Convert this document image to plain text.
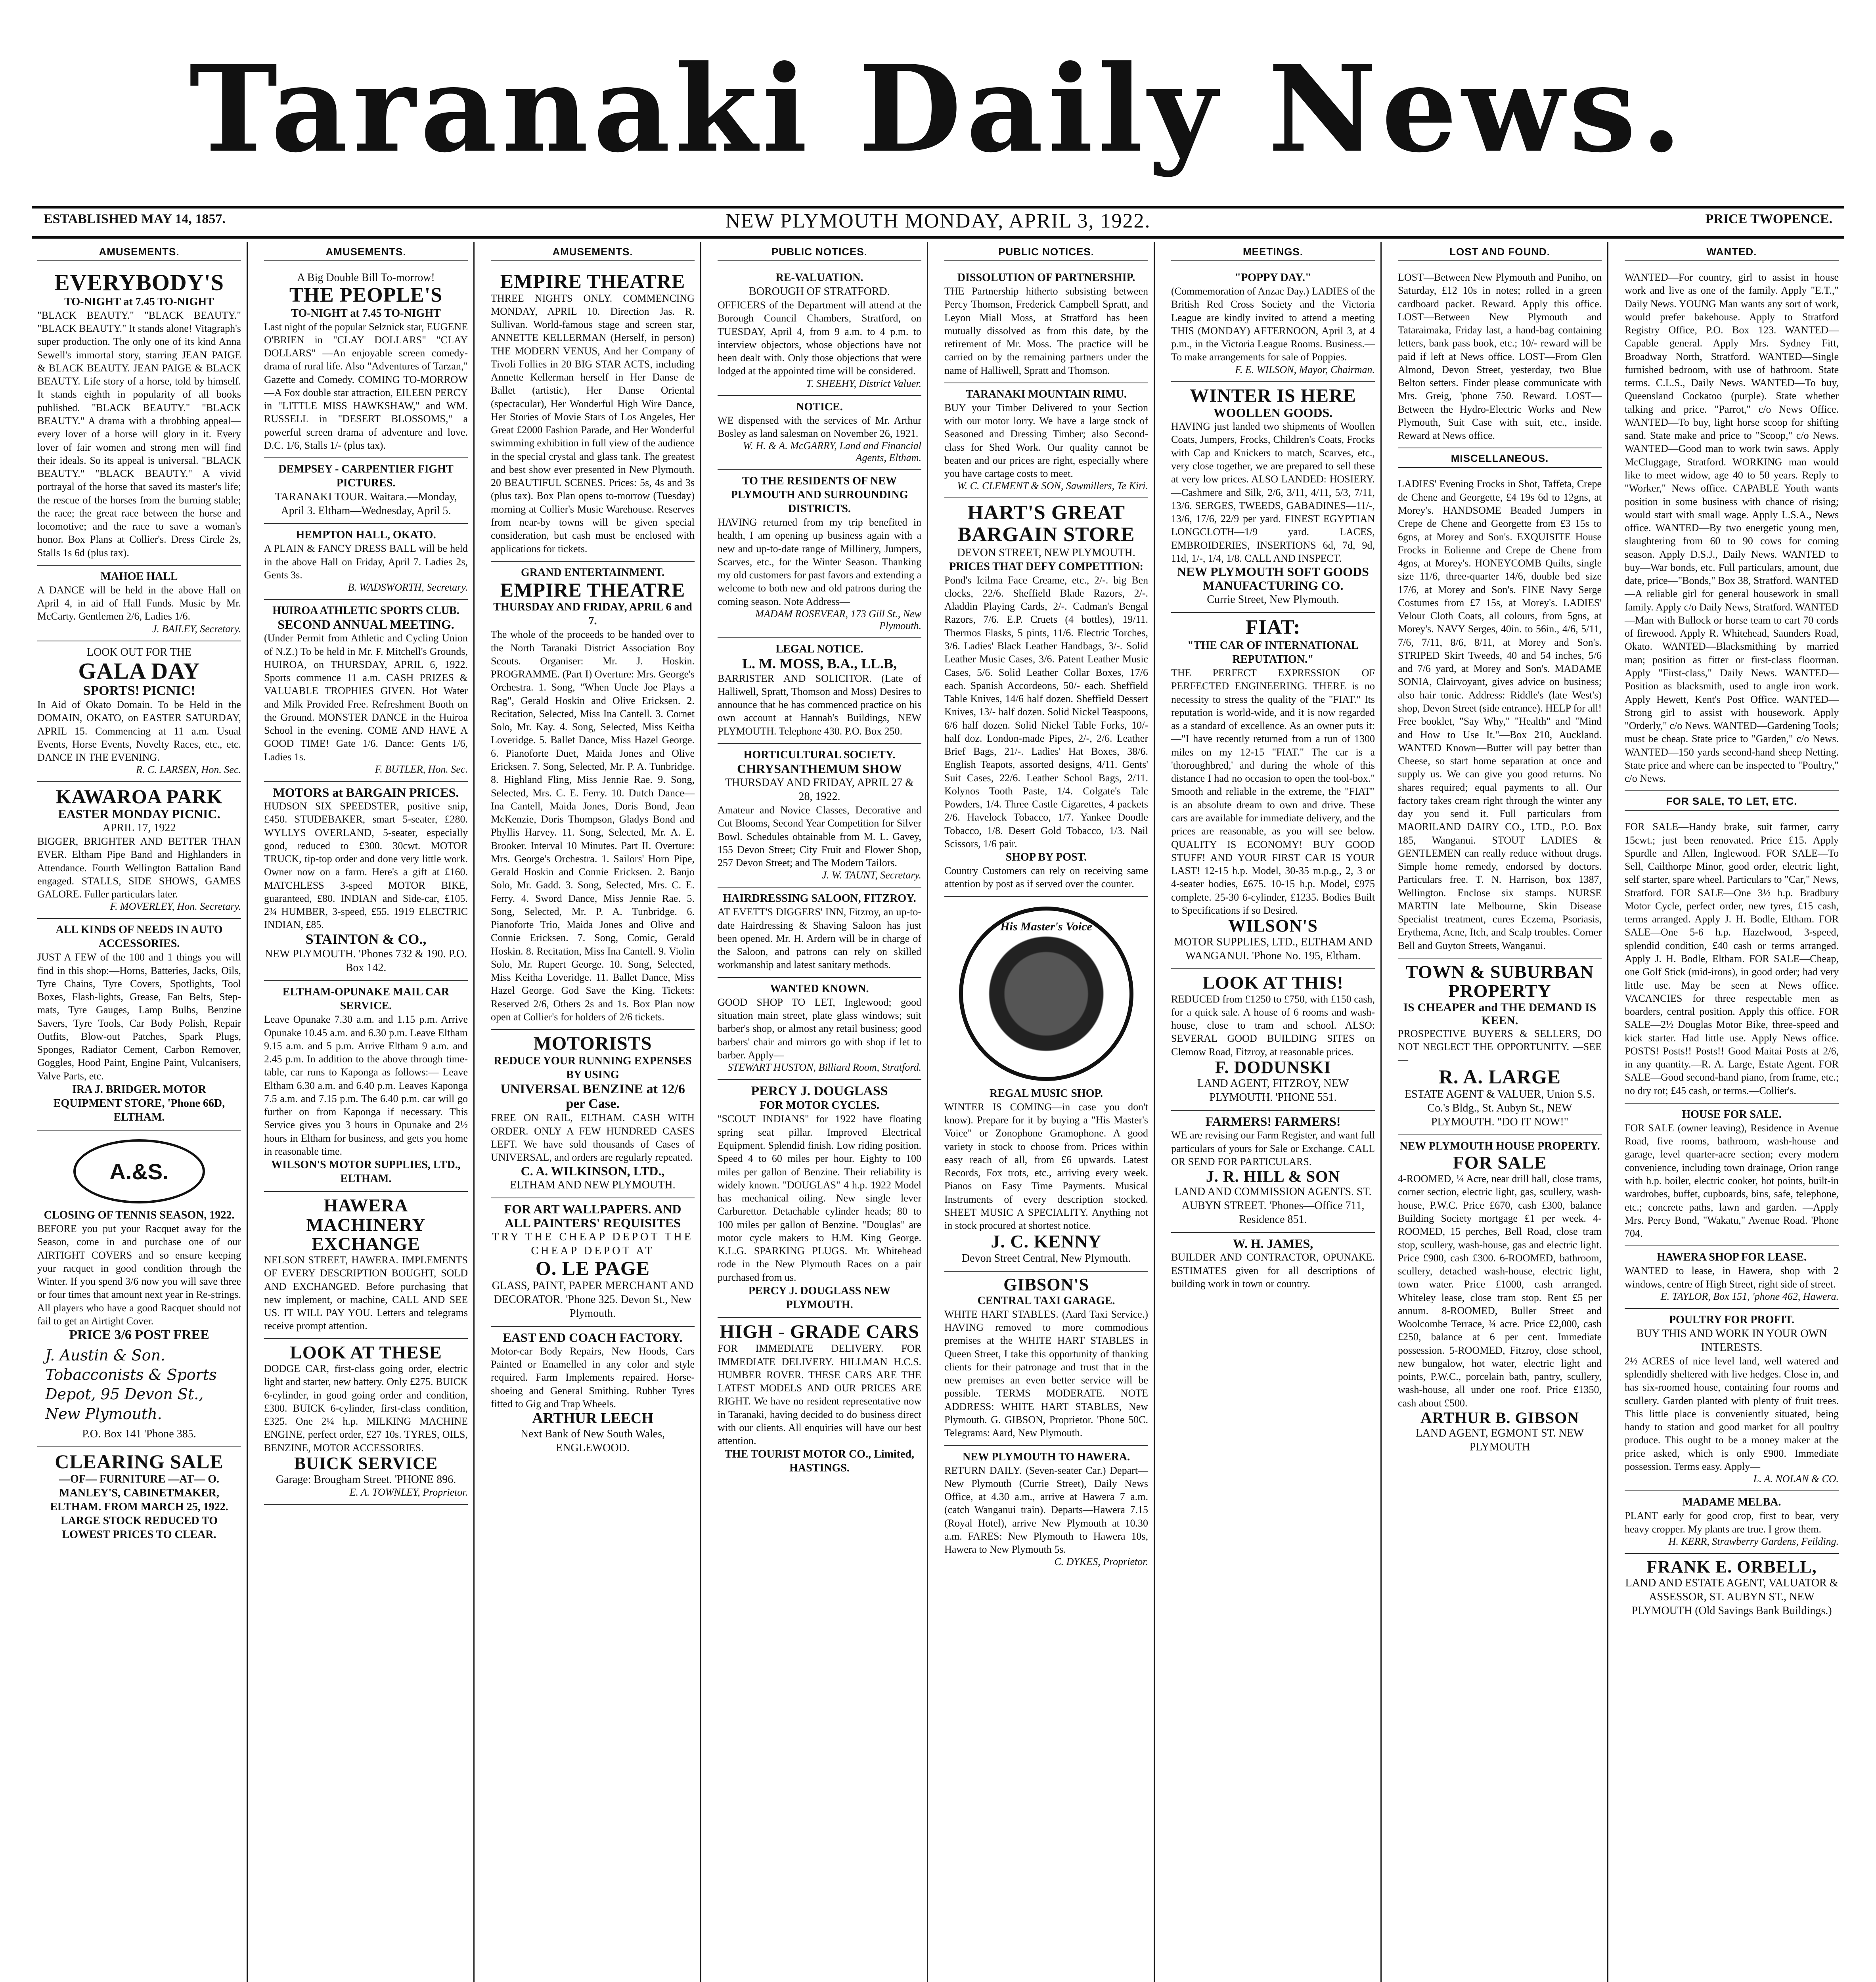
Taranaki Daily News.
ESTABLISHED MAY 14, 1857.	NEW PLYMOUTH MONDAY, APRIL 3, 1922.	PRICE TWOPENCE.
AMUSEMENTS.
EVERYBODY'S
TO-NIGHT at 7.45 TO-NIGHT
"BLACK BEAUTY." "BLACK BEAUTY." "BLACK BEAUTY." It stands alone! Vitagraph's super production. The only one of its kind Anna Sewell's immortal story, starring JEAN PAIGE & BLACK BEAUTY. JEAN PAIGE & BLACK BEAUTY. Life story of a horse, told by himself. It stands eighth in popularity of all books published. "BLACK BEAUTY." "BLACK BEAUTY." A drama with a throbbing appeal—every lover of a horse will glory in it. Every lover of fair women and strong men will find their ideals. So its appeal is universal. "BLACK BEAUTY." "BLACK BEAUTY." A vivid portrayal of the horse that saved its master's life; the rescue of the horses from the burning stable; the race; the great race between the horse and locomotive; and the race to save a woman's honor. Box Plans at Collier's. Dress Circle 2s, Stalls 1s 6d (plus tax).
MAHOE HALL
A DANCE will be held in the above Hall on April 4, in aid of Hall Funds. Music by Mr. McCarty. Gentlemen 2/6, Ladies 1/6.
J. BAILEY, Secretary.
LOOK OUT FOR THE
GALA DAY
SPORTS! PICNIC!
In Aid of Okato Domain. To be Held in the DOMAIN, OKATO, on EASTER SATURDAY, APRIL 15. Commencing at 11 a.m. Usual Events, Horse Events, Novelty Races, etc., etc. DANCE IN THE EVENING.
R. C. LARSEN, Hon. Sec.
KAWAROA PARK
EASTER MONDAY PICNIC.
APRIL 17, 1922
BIGGER, BRIGHTER AND BETTER THAN EVER. Eltham Pipe Band and Highlanders in Attendance. Fourth Wellington Battalion Band engaged. STALLS, SIDE SHOWS, GAMES GALORE. Fuller particulars later.
F. MOVERLEY, Hon. Secretary.
ALL KINDS OF NEEDS IN AUTO ACCESSORIES.
JUST A FEW of the 100 and 1 things you will find in this shop:—Horns, Batteries, Jacks, Oils, Tyre Chains, Tyre Covers, Spotlights, Tool Boxes, Flash-lights, Grease, Fan Belts, Step-mats, Tyre Gauges, Lamp Bulbs, Benzine Savers, Tyre Tools, Car Body Polish, Repair Outfits, Blow-out Patches, Spark Plugs, Sponges, Radiator Cement, Carbon Remover, Goggles, Hood Paint, Engine Paint, Vulcanisers, Valve Parts, etc.
IRA J. BRIDGER. MOTOR EQUIPMENT STORE, 'Phone 66D, ELTHAM.
A.&S.
CLOSING OF TENNIS SEASON, 1922.
BEFORE you put your Racquet away for the Season, come in and purchase one of our AIRTIGHT COVERS and so ensure keeping your racquet in good condition through the Winter. If you spend 3/6 now you will save three or four times that amount next year in Re-strings. All players who have a good Racquet should not fail to get an Airtight Cover.
PRICE 3/6 POST FREE
J. Austin & Son. Tobacconists & Sports Depot, 95 Devon St., New Plymouth.
P.O. Box 141 'Phone 385.
CLEARING SALE
—OF— FURNITURE —AT— O. MANLEY'S, CABINETMAKER, ELTHAM. FROM MARCH 25, 1922. LARGE STOCK REDUCED TO LOWEST PRICES TO CLEAR.
AMUSEMENTS.
A Big Double Bill To-morrow!
THE PEOPLE'S
TO-NIGHT at 7.45 TO-NIGHT
Last night of the popular Selznick star, EUGENE O'BRIEN in "CLAY DOLLARS" "CLAY DOLLARS" —An enjoyable screen comedy-drama of rural life. Also "Adventures of Tarzan," Gazette and Comedy. COMING TO-MORROW—A Fox double star attraction, EILEEN PERCY in "LITTLE MISS HAWKSHAW," and WM. RUSSELL in "DESERT BLOSSOMS," a powerful screen drama of adventure and love. D.C. 1/6, Stalls 1/- (plus tax).
DEMPSEY - CARPENTIER FIGHT PICTURES.
TARANAKI TOUR. Waitara.—Monday, April 3. Eltham—Wednesday, April 5.
HEMPTON HALL, OKATO.
A PLAIN & FANCY DRESS BALL will be held in the above Hall on Friday, April 7. Ladies 2s, Gents 3s.
B. WADSWORTH, Secretary.
HUIROA ATHLETIC SPORTS CLUB.
SECOND ANNUAL MEETING.
(Under Permit from Athletic and Cycling Union of N.Z.) To be held in Mr. F. Mitchell's Grounds, HUIROA, on THURSDAY, APRIL 6, 1922. Sports commence 11 a.m. CASH PRIZES & VALUABLE TROPHIES GIVEN. Hot Water and Milk Provided Free. Refreshment Booth on the Ground. MONSTER DANCE in the Huiroa School in the evening. COME AND HAVE A GOOD TIME! Gate 1/6. Dance: Gents 1/6, Ladies 1s.
F. BUTLER, Hon. Sec.
MOTORS at BARGAIN PRICES.
HUDSON SIX SPEEDSTER, positive snip, £450. STUDEBAKER, smart 5-seater, £280. WYLLYS OVERLAND, 5-seater, especially good, reduced to £300. 30cwt. MOTOR TRUCK, tip-top order and done very little work. Owner now on a farm. Here's a gift at £160. MATCHLESS 3-speed MOTOR BIKE, guaranteed, £80. INDIAN and Side-car, £105. 2¾ HUMBER, 3-speed, £55. 1919 ELECTRIC INDIAN, £85.
STAINTON & CO.,
NEW PLYMOUTH. 'Phones 732 & 190. P.O. Box 142.
ELTHAM-OPUNAKE MAIL CAR SERVICE.
Leave Opunake 7.30 a.m. and 1.15 p.m. Arrive Opunake 10.45 a.m. and 6.30 p.m. Leave Eltham 9.15 a.m. and 5 p.m. Arrive Eltham 9 a.m. and 2.45 p.m. In addition to the above through time-table, car runs to Kaponga as follows:— Leave Eltham 6.30 a.m. and 6.40 p.m. Leaves Kaponga 7.5 a.m. and 7.15 p.m. The 6.40 p.m. car will go further on from Kaponga if necessary. This Service gives you 3 hours in Opunake and 2½ hours in Eltham for business, and gets you home in reasonable time.
WILSON'S MOTOR SUPPLIES, LTD., ELTHAM.
HAWERA MACHINERY EXCHANGE
NELSON STREET, HAWERA. IMPLEMENTS OF EVERY DESCRIPTION BOUGHT, SOLD AND EXCHANGED. Before purchasing that new implement, or machine, CALL AND SEE US. IT WILL PAY YOU. Letters and telegrams receive prompt attention.
LOOK AT THESE
DODGE CAR, first-class going order, electric light and starter, new battery. Only £275. BUICK 6-cylinder, in good going order and condition, £300. BUICK 6-cylinder, first-class condition, £325. One 2¼ h.p. MILKING MACHINE ENGINE, perfect order, £27 10s. TYRES, OILS, BENZINE, MOTOR ACCESSORIES.
BUICK SERVICE
Garage: Brougham Street. 'PHONE 896.
E. A. TOWNLEY, Proprietor.
AMUSEMENTS.
EMPIRE THEATRE
THREE NIGHTS ONLY. COMMENCING MONDAY, APRIL 10. Direction Jas. R. Sullivan. World-famous stage and screen star, ANNETTE KELLERMAN (Herself, in person) THE MODERN VENUS, And her Company of Tivoli Follies in 20 BIG STAR ACTS, including Annette Kellerman herself in Her Danse de Ballet (artistic), Her Danse Oriental (spectacular), Her Wonderful High Wire Dance, Her Stories of Movie Stars of Los Angeles, Her Great £2000 Fashion Parade, and Her Wonderful swimming exhibition in full view of the audience in the special crystal and glass tank. The greatest and best show ever presented in New Plymouth. 20 BEAUTIFUL SCENES. Prices: 5s, 4s and 3s (plus tax). Box Plan opens to-morrow (Tuesday) morning at Collier's Music Warehouse. Reserves from near-by towns will be given special consideration, but cash must be enclosed with applications for tickets.
GRAND ENTERTAINMENT.
EMPIRE THEATRE
THURSDAY AND FRIDAY, APRIL 6 and 7.
The whole of the proceeds to be handed over to the North Taranaki District Association Boy Scouts. Organiser: Mr. J. Hoskin. PROGRAMME. (Part I) Overture: Mrs. George's Orchestra. 1. Song, "When Uncle Joe Plays a Rag", Gerald Hoskin and Olive Ericksen. 2. Recitation, Selected, Miss Ina Cantell. 3. Cornet Solo, Mr. Kay. 4. Song, Selected, Miss Keitha Loveridge. 5. Ballet Dance, Miss Hazel George. 6. Pianoforte Duet, Maida Jones and Olive Ericksen. 7. Song, Selected, Mr. P. A. Tunbridge. 8. Highland Fling, Miss Jennie Rae. 9. Song, Selected, Mrs. C. E. Ferry. 10. Dutch Dance—Ina Cantell, Maida Jones, Doris Bond, Jean McKenzie, Doris Thompson, Gladys Bond and Phyllis Harvey. 11. Song, Selected, Mr. A. E. Brooker. Interval 10 Minutes. Part II. Overture: Mrs. George's Orchestra. 1. Sailors' Horn Pipe, Gerald Hoskin and Connie Ericksen. 2. Banjo Solo, Mr. Gadd. 3. Song, Selected, Mrs. C. E. Ferry. 4. Sword Dance, Miss Jennie Rae. 5. Song, Selected, Mr. P. A. Tunbridge. 6. Pianoforte Trio, Maida Jones and Olive and Connie Ericksen. 7. Song, Comic, Gerald Hoskin. 8. Recitation, Miss Ina Cantell. 9. Violin Solo, Mr. Rupert George. 10. Song, Selected, Miss Keitha Loveridge. 11. Ballet Dance, Miss Hazel George. God Save the King. Tickets: Reserved 2/6, Others 2s and 1s. Box Plan now open at Collier's for holders of 2/6 tickets.
MOTORISTS
REDUCE YOUR RUNNING EXPENSES BY USING
UNIVERSAL BENZINE at 12/6 per Case.
FREE ON RAIL, ELTHAM. CASH WITH ORDER. ONLY A FEW HUNDRED CASES LEFT. We have sold thousands of Cases of UNIVERSAL, and orders are regularly repeated.
C. A. WILKINSON, LTD.,
ELTHAM AND NEW PLYMOUTH.
FOR ART WALLPAPERS. AND ALL PAINTERS' REQUISITES
TRY THE CHEAP DEPOT THE CHEAP DEPOT AT
O. LE PAGE
GLASS, PAINT, PAPER MERCHANT AND DECORATOR. 'Phone 325. Devon St., New Plymouth.
EAST END COACH FACTORY.
Motor-car Body Repairs, New Hoods, Cars Painted or Enamelled in any color and style required. Farm Implements repaired. Horse-shoeing and General Smithing. Rubber Tyres fitted to Gig and Trap Wheels.
ARTHUR LEECH
Next Bank of New South Wales, ENGLEWOOD.
PUBLIC NOTICES.
RE-VALUATION.
BOROUGH OF STRATFORD.
OFFICERS of the Department will attend at the Borough Council Chambers, Stratford, on TUESDAY, April 4, from 9 a.m. to 4 p.m. to interview objectors, whose objections have not been dealt with. Only those objections that were lodged at the appointed time will be considered.
T. SHEEHY, District Valuer.
NOTICE.
WE dispensed with the services of Mr. Arthur Bosley as land salesman on November 26, 1921.
W. H. & A. McGARRY, Land and Financial Agents, Eltham.
TO THE RESIDENTS OF NEW PLYMOUTH AND SURROUNDING DISTRICTS.
HAVING returned from my trip benefited in health, I am opening up business again with a new and up-to-date range of Millinery, Jumpers, Scarves, etc., for the Winter Season. Thanking my old customers for past favors and extending a welcome to both new and old patrons during the coming season. Note Address—
MADAM ROSEVEAR, 173 Gill St., New Plymouth.
LEGAL NOTICE.
L. M. MOSS, B.A., LL.B,
BARRISTER AND SOLICITOR. (Late of Halliwell, Spratt, Thomson and Moss) Desires to announce that he has commenced practice on his own account at Hannah's Buildings, NEW PLYMOUTH. Telephone 430. P.O. Box 250.
HORTICULTURAL SOCIETY.
CHRYSANTHEMUM SHOW
THURSDAY AND FRIDAY, APRIL 27 & 28, 1922.
Amateur and Novice Classes, Decorative and Cut Blooms, Second Year Competition for Silver Bowl. Schedules obtainable from M. L. Gavey, 155 Devon Street; City Fruit and Flower Shop, 257 Devon Street; and The Modern Tailors.
J. W. TAUNT, Secretary.
HAIRDRESSING SALOON, FITZROY.
AT EVETT'S DIGGERS' INN, Fitzroy, an up-to-date Hairdressing & Shaving Saloon has just been opened. Mr. H. Ardern will be in charge of the Saloon, and patrons can rely on skilled workmanship and latest sanitary methods.
WANTED KNOWN.
GOOD SHOP TO LET, Inglewood; good situation main street, plate glass windows; suit barber's shop, or almost any retail business; good barbers' chair and mirrors go with shop if let to barber. Apply—
STEWART HUSTON, Billiard Room, Stratford.
PERCY J. DOUGLASS
FOR MOTOR CYCLES.
"SCOUT INDIANS" for 1922 have floating spring seat pillar. Improved Electrical Equipment. Splendid finish. Low riding position. Speed 4 to 60 miles per hour. Eighty to 100 miles per gallon of Benzine. Their reliability is widely known. "DOUGLAS" 4 h.p. 1922 Model has mechanical oiling. New single lever Carburettor. Detachable cylinder heads; 80 to 100 miles per gallon of Benzine. "Douglas" are motor cycle makers to H.M. King George. K.L.G. SPARKING PLUGS. Mr. Whitehead rode in the New Plymouth Races on a pair purchased from us.
PERCY J. DOUGLASS NEW PLYMOUTH.
HIGH - GRADE CARS
FOR IMMEDIATE DELIVERY. FOR IMMEDIATE DELIVERY. HILLMAN H.C.S. HUMBER ROVER. THESE CARS ARE THE LATEST MODELS AND OUR PRICES ARE RIGHT. We have no resident representative now in Taranaki, having decided to do business direct with our clients. All enquiries will have our best attention.
THE TOURIST MOTOR CO., Limited, HASTINGS.
PUBLIC NOTICES.
DISSOLUTION OF PARTNERSHIP.
THE Partnership hitherto subsisting between Percy Thomson, Frederick Campbell Spratt, and Leyon Miall Moss, at Stratford has been mutually dissolved as from this date, by the retirement of Mr. Moss. The practice will be carried on by the remaining partners under the name of Halliwell, Spratt and Thomson.
TARANAKI MOUNTAIN RIMU.
BUY your Timber Delivered to your Section with our motor lorry. We have a large stock of Seasoned and Dressing Timber; also Second-class for Shed Work. Our quality cannot be beaten and our prices are right, especially where you have cartage costs to meet.
W. C. CLEMENT & SON, Sawmillers, Te Kiri.
HART'S GREAT BARGAIN STORE
DEVON STREET, NEW PLYMOUTH.
PRICES THAT DEFY COMPETITION:
Pond's Icilma Face Creame, etc., 2/-. big Ben clocks, 22/6. Sheffield Blade Razors, 2/-. Aladdin Playing Cards, 2/-. Cadman's Bengal Razors, 7/6. E.P. Cruets (4 bottles), 19/11. Thermos Flasks, 5 pints, 11/6. Electric Torches, 3/6. Ladies' Black Leather Handbags, 3/-. Solid Leather Music Cases, 3/6. Patent Leather Music Cases, 5/6. Solid Leather Collar Boxes, 17/6 each. Spanish Accordeons, 50/- each. Sheffield Table Knives, 14/6 half dozen. Sheffield Dessert Knives, 13/- half dozen. Solid Nickel Teaspoons, 6/6 half dozen. Solid Nickel Table Forks, 10/- half doz. London-made Pipes, 2/-, 2/6. Leather Brief Bags, 21/-. Ladies' Hat Boxes, 38/6. English Teapots, assorted designs, 4/11. Gents' Suit Cases, 22/6. Leather School Bags, 2/11. Kolynos Tooth Paste, 1/4. Colgate's Talc Powders, 1/4. Three Castle Cigarettes, 4 packets 2/6. Havelock Tobacco, 1/7. Yankee Doodle Tobacco, 1/8. Desert Gold Tobacco, 1/3. Nail Scissors, 1/6 pair.
SHOP BY POST.
Country Customers can rely on receiving same attention by post as if served over the counter.
His Master's Voice
REGAL MUSIC SHOP.
WINTER IS COMING—in case you don't know). Prepare for it by buying a "His Master's Voice" or Zonophone Gramophone. A good variety in stock to choose from. Prices within easy reach of all, from £6 upwards. Latest Records, Fox trots, etc., arriving every week. Pianos on Easy Time Payments. Musical Instruments of every description stocked. SHEET MUSIC A SPECIALITY. Anything not in stock procured at shortest notice.
J. C. KENNY
Devon Street Central, New Plymouth.
GIBSON'S
CENTRAL TAXI GARAGE.
WHITE HART STABLES. (Aard Taxi Service.) HAVING removed to more commodious premises at the WHITE HART STABLES in Queen Street, I take this opportunity of thanking clients for their patronage and trust that in the new premises an even better service will be possible. TERMS MODERATE. NOTE ADDRESS: WHITE HART STABLES, New Plymouth. G. GIBSON, Proprietor. 'Phone 50C. Telegrams: Aard, New Plymouth.
NEW PLYMOUTH TO HAWERA.
RETURN DAILY. (Seven-seater Car.) Depart—New Plymouth (Currie Street), Daily News Office, at 4.30 a.m., arrive at Hawera 7 a.m. (catch Wanganui train). Departs—Hawera 7.15 (Royal Hotel), arrive New Plymouth at 10.30 a.m. FARES: New Plymouth to Hawera 10s, Hawera to New Plymouth 5s.
C. DYKES, Proprietor.
MEETINGS.
"POPPY DAY."
(Commemoration of Anzac Day.) LADIES of the British Red Cross Society and the Victoria League are kindly invited to attend a meeting THIS (MONDAY) AFTERNOON, April 3, at 4 p.m., in the Victoria League Rooms. Business.—To make arrangements for sale of Poppies.
F. E. WILSON, Mayor, Chairman.
WINTER IS HERE
WOOLLEN GOODS.
HAVING just landed two shipments of Woollen Coats, Jumpers, Frocks, Children's Coats, Frocks with Cap and Knickers to match, Scarves, etc., very close together, we are prepared to sell these at very low prices. ALSO LANDED: HOSIERY.—Cashmere and Silk, 2/6, 3/11, 4/11, 5/3, 7/11, 13/6. SERGES, TWEEDS, GABADINES—11/-, 13/6, 17/6, 22/9 per yard. FINEST EGYPTIAN LONGCLOTH—1/9 yard. LACES, EMBROIDERIES, INSERTIONS 6d, 7d, 9d, 11d, 1/-, 1/4, 1/8. CALL AND INSPECT.
NEW PLYMOUTH SOFT GOODS MANUFACTURING CO.
Currie Street, New Plymouth.
FIAT:
"THE CAR OF INTERNATIONAL REPUTATION."
THE PERFECT EXPRESSION OF PERFECTED ENGINEERING. THERE is no necessity to stress the quality of the "FIAT." Its reputation is world-wide, and it is now regarded as a standard of excellence. As an owner puts it:—"I have recently returned from a run of 1300 miles on my 12-15 "FIAT." The car is a 'thoroughbred,' and during the whole of this distance I had no occasion to open the tool-box." Smooth and reliable in the extreme, the "FIAT" is an absolute dream to own and drive. These cars are available for immediate delivery, and the prices are reasonable, as you will see below. QUALITY IS ECONOMY! BUY GOOD STUFF! AND YOUR FIRST CAR IS YOUR LAST! 12-15 h.p. Model, 30-35 m.p.g., 2, 3 or 4-seater bodies, £675. 10-15 h.p. Model, £975 complete. 25-30 6-cylinder, £1235. Bodies Built to Specifications if so Desired.
WILSON'S
MOTOR SUPPLIES, LTD., ELTHAM AND WANGANUI. 'Phone No. 195, Eltham.
LOOK AT THIS!
REDUCED from £1250 to £750, with £150 cash, for a quick sale. A house of 6 rooms and wash-house, close to tram and school. ALSO: SEVERAL GOOD BUILDING SITES on Clemow Road, Fitzroy, at reasonable prices.
F. DODUNSKI
LAND AGENT, FITZROY, NEW PLYMOUTH. 'PHONE 551.
FARMERS! FARMERS!
WE are revising our Farm Register, and want full particulars of yours for Sale or Exchange. CALL OR SEND FOR PARTICULARS.
J. R. HILL & SON
LAND AND COMMISSION AGENTS. ST. AUBYN STREET. 'Phones—Office 711, Residence 851.
W. H. JAMES,
BUILDER AND CONTRACTOR, OPUNAKE. ESTIMATES given for all descriptions of building work in town or country.
LOST AND FOUND.
LOST—Between New Plymouth and Puniho, on Saturday, £12 10s in notes; rolled in a green cardboard packet. Reward. Apply this office. LOST—Between New Plymouth and Tataraimaka, Friday last, a hand-bag containing letters, bank pass book, etc.; 10/- reward will be paid if left at News office. LOST—From Glen Almond, Devon Street, yesterday, two Blue Belton setters. Finder please communicate with Mrs. Greig, 'phone 750. Reward. LOST—Between the Hydro-Electric Works and New Plymouth, Suit Case with suit, etc., inside. Reward at News office.
MISCELLANEOUS.
LADIES' Evening Frocks in Shot, Taffeta, Crepe de Chene and Georgette, £4 19s 6d to 12gns, at Morey's. HANDSOME Beaded Jumpers in Crepe de Chene and Georgette from £3 15s to 6gns, at Morey and Son's. EXQUISITE House Frocks in Eolienne and Crepe de Chene from 4gns, at Morey's. HONEYCOMB Quilts, single size 11/6, three-quarter 14/6, double bed size 17/6, at Morey and Son's. FINE Navy Serge Costumes from £7 15s, at Morey's. LADIES' Velour Cloth Coats, all colours, from 5gns, at Morey's. NAVY Serges, 40in. to 56in., 4/6, 5/11, 7/6, 7/11, 8/6, 8/11, at Morey and Son's. STRIPED Skirt Tweeds, 40 and 54 inches, 5/6 and 7/6 yard, at Morey and Son's. MADAME SONIA, Clairvoyant, gives advice on business; also hair tonic. Address: Riddle's (late West's) shop, Devon Street (side entrance). HELP for all! Free booklet, "Say Why," "Health" and "Mind and How to Use It."—Box 210, Auckland. WANTED Known—Butter will pay better than Cheese, so start home separation at once and supply us. We can give you good returns. No shares required; equal payments to all. Our factory takes cream right through the winter any day you send it. Full particulars from MAORILAND DAIRY CO., LTD., P.O. Box 185, Wanganui. STOUT LADIES & GENTLEMEN can really reduce without drugs. Simple home remedy, endorsed by doctors. Particulars free. T. N. Harrison, box 1387, Wellington. Enclose six stamps. NURSE MARTIN late Melbourne, Skin Disease Specialist treatment, cures Eczema, Psoriasis, Erythema, Acne, Itch, and Scalp troubles. Corner Bell and Guyton Streets, Wanganui.
TOWN & SUBURBAN PROPERTY
IS CHEAPER and THE DEMAND IS KEEN.
PROSPECTIVE BUYERS & SELLERS, DO NOT NEGLECT THE OPPORTUNITY. —SEE—
R. A. LARGE
ESTATE AGENT & VALUER, Union S.S. Co.'s Bldg., St. Aubyn St., NEW PLYMOUTH. "DO IT NOW!"
NEW PLYMOUTH HOUSE PROPERTY.
FOR SALE
4-ROOMED, ¼ Acre, near drill hall, close trams, corner section, electric light, gas, scullery, wash-house, P.W.C. Price £670, cash £300, balance Building Society mortgage £1 per week. 4-ROOMED, 15 perches, Bell Road, close tram stop, scullery, wash-house, gas and electric light. Price £900, cash £300. 6-ROOMED, bathroom, scullery, detached wash-house, electric light, town water. Price £1000, cash arranged. Whiteley lease, close tram stop. Rent £5 per annum. 8-ROOMED, Buller Street and Woolcombe Terrace, ¾ acre. Price £2,000, cash £250, balance at 6 per cent. Immediate possession. 5-ROOMED, Fitzroy, close school, new bungalow, hot water, electric light and points, P.W.C., porcelain bath, pantry, scullery, wash-house, all under one roof. Price £1350, cash about £500.
ARTHUR B. GIBSON
LAND AGENT, EGMONT ST. NEW PLYMOUTH
WANTED.
WANTED—For country, girl to assist in house work and live as one of the family. Apply "E.T.," Daily News. YOUNG Man wants any sort of work, would prefer bakehouse. Apply to Stratford Registry Office, P.O. Box 123. WANTED—Capable general. Apply Mrs. Sydney Fitt, Broadway North, Stratford. WANTED—Single furnished bedroom, with use of bathroom. State terms. C.L.S., Daily News. WANTED—To buy, Queensland Cockatoo (purple). State whether talking and price. "Parrot," c/o News Office. WANTED—To buy, light horse scoop for shifting sand. State make and price to "Scoop," c/o News. WANTED—Good man to work twin saws. Apply McCluggage, Stratford. WORKING man would like to meet widow, age 40 to 50 years. Reply to "Worker," News office. CAPABLE Youth wants position in some business with chance of rising; would start with small wage. Apply L.S.A., News office. WANTED—By two energetic young men, slaughtering from 60 to 90 cows for coming season. Apply D.S.J., Daily News. WANTED to buy—War bonds, etc. Full particulars, amount, due date, price—"Bonds," Box 38, Stratford. WANTED—A reliable girl for general housework in small family. Apply c/o Daily News, Stratford. WANTED—Man with Bullock or horse team to cart 70 cords of firewood. Apply R. Whitehead, Saunders Road, Okato. WANTED—Blacksmithing by married man; position as fitter or first-class floorman. Apply "First-class," Daily News. WANTED—Position as blacksmith, used to angle iron work. Apply Hewett, Kent's Post Office. WANTED—Strong girl to assist with housework. Apply "Orderly," c/o News. WANTED—Gardening Tools; must be cheap. State price to "Garden," c/o News. WANTED—150 yards second-hand sheep Netting. State price and where can be inspected to "Poultry," c/o News.
FOR SALE, TO LET, ETC.
FOR SALE—Handy brake, suit farmer, carry 15cwt.; just been renovated. Price £15. Apply Spurdle and Allen, Inglewood. FOR SALE—To Sell, Cailthorpe Minor, good order, electric light, self starter, spare wheel. Particulars to "Car," News, Stratford. FOR SALE—One 3½ h.p. Bradbury Motor Cycle, perfect order, new tyres, £15 cash, terms arranged. Apply J. H. Bodle, Eltham. FOR SALE—One 5-6 h.p. Hazelwood, 3-speed, splendid condition, £40 cash or terms arranged. Apply J. H. Bodle, Eltham. FOR SALE—Cheap, one Golf Stick (mid-irons), in good order; had very little use. May be seen at News office. VACANCIES for three respectable men as boarders, central position. Apply this office. FOR SALE—2½ Douglas Motor Bike, three-speed and kick starter. Had little use. Apply News office. POSTS! Posts!! Posts!! Good Maitai Posts at 2/6, in any quantity.—R. A. Large, Estate Agent. FOR SALE—Good second-hand piano, from frame, etc.; no dry rot; £45 cash, or terms.—Collier's.
HOUSE FOR SALE.
FOR SALE (owner leaving), Residence in Avenue Road, five rooms, bathroom, wash-house and garage, level quarter-acre section; every modern convenience, including town drainage, Orion range with h.p. boiler, electric cooker, hot points, built-in wardrobes, buffet, cupboards, bins, safe, telephone, etc.; concrete paths, lawn and garden. —Apply Mrs. Percy Bond, "Wakatu," Avenue Road. 'Phone 704.
HAWERA SHOP FOR LEASE.
WANTED to lease, in Hawera, shop with 2 windows, centre of High Street, right side of street.
E. TAYLOR, Box 151, 'phone 462, Hawera.
POULTRY FOR PROFIT.
BUY THIS AND WORK IN YOUR OWN INTERESTS.
2½ ACRES of nice level land, well watered and splendidly sheltered with live hedges. Close in, and has six-roomed house, containing four rooms and scullery. Garden planted with plenty of fruit trees. This little place is conveniently situated, being handy to station and good market for all poultry produce. This ought to be a money maker at the price asked, which is only £900. Immediate possession. Terms easy. Apply—
L. A. NOLAN & CO.
MADAME MELBA.
PLANT early for good crop, first to bear, very heavy cropper. My plants are true. I grow them.
H. KERR, Strawberry Gardens, Feilding.
FRANK E. ORBELL,
LAND AND ESTATE AGENT, VALUATOR & ASSESSOR, ST. AUBYN ST., NEW PLYMOUTH (Old Savings Bank Buildings.)
